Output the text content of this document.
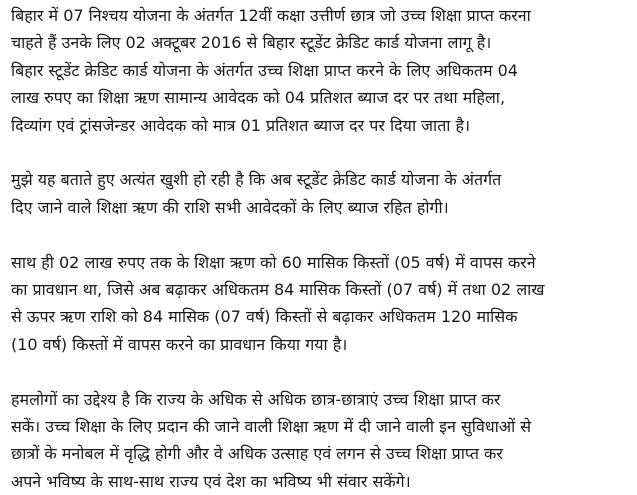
बिहार में 07 निश्चय योजना के अंतर्गत 12वीं कक्षा उत्तीर्ण छात्र जो उच्च शिक्षा प्राप्त करना
चाहते हैं उनके लिए 02 अक्टूबर 2016 से बिहार स्टूडेंट क्रेडिट कार्ड योजना लागू है।
बिहार स्टूडेंट क्रेडिट कार्ड योजना के अंतर्गत उच्च शिक्षा प्राप्त करने के लिए अधिकतम 04
लाख रुपए का शिक्षा ऋण सामान्य आवेदक को 04 प्रतिशत ब्याज दर पर तथा महिला,
दिव्यांग एवं ट्रांसजेन्डर आवेदक को मात्र 01 प्रतिशत ब्याज दर पर दिया जाता है।

मुझे यह बताते हुए अत्यंत खुशी हो रही है कि अब स्टूडेंट क्रेडिट कार्ड योजना के अंतर्गत
दिए जाने वाले शिक्षा ऋण की राशि सभी आवेदकों के लिए ब्याज रहित होगी।

साथ ही 02 लाख रुपए तक के शिक्षा ऋण को 60 मासिक किस्तों (05 वर्ष) में वापस करने
का प्रावधान था, जिसे अब बढ़ाकर अधिकतम 84 मासिक किस्तों (07 वर्ष) में तथा 02 लाख
से ऊपर ऋण राशि को 84 मासिक (07 वर्ष) किस्तों से बढ़ाकर अधिकतम 120 मासिक
(10 वर्ष) किस्तों में वापस करने का प्रावधान किया गया है।

हमलोगों का उद्देश्य है कि राज्य के अधिक से अधिक छात्र-छात्राएं उच्च शिक्षा प्राप्त कर
सकें। उच्च शिक्षा के लिए प्रदान की जाने वाली शिक्षा ऋण में दी जाने वाली इन सुविधाओं से
छात्रों के मनोबल में वृद्धि होगी और वे अधिक उत्साह एवं लगन से उच्च शिक्षा प्राप्त कर
अपने भविष्य के साथ-साथ राज्य एवं देश का भविष्य भी संवार सकेंगे।
